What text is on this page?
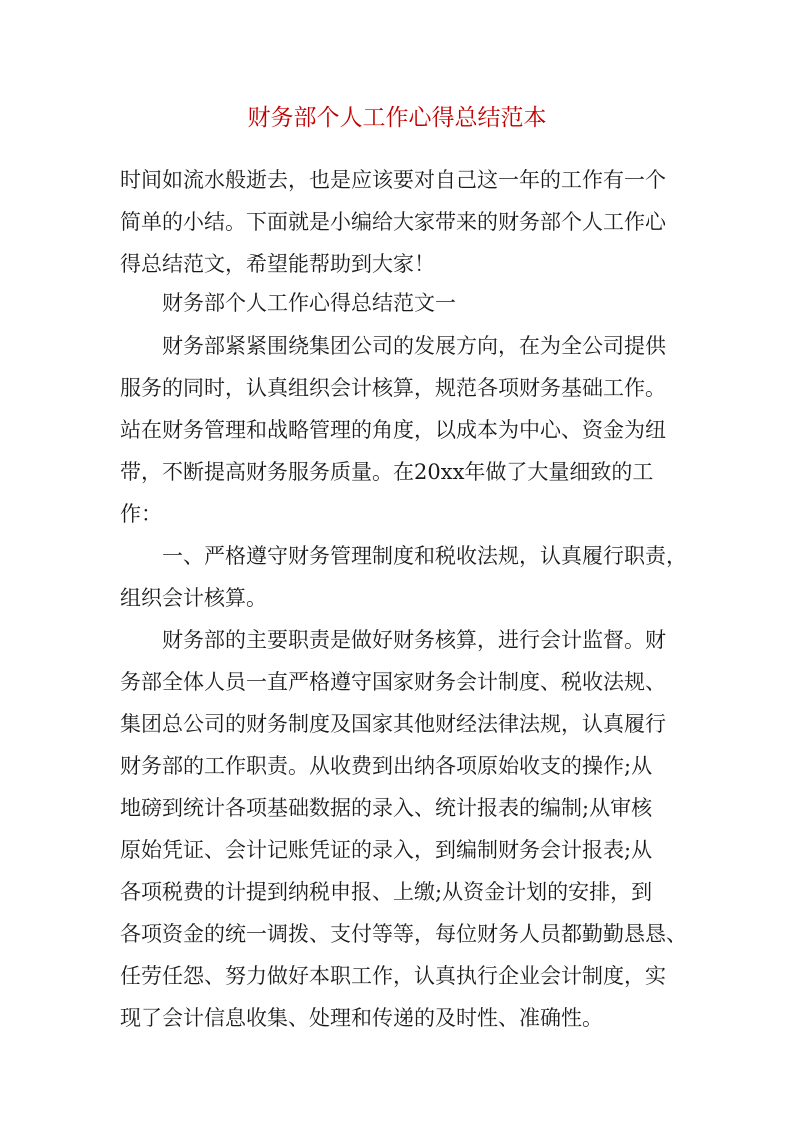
财务部个人工作心得总结范本
时间如流水般逝去，也是应该要对自己这一年的工作有一个
简单的小结。下面就是小编给大家带来的财务部个人工作心
得总结范文，希望能帮助到大家！
财务部个人工作心得总结范文一
财务部紧紧围绕集团公司的发展方向，在为全公司提供
服务的同时，认真组织会计核算，规范各项财务基础工作。
站在财务管理和战略管理的角度，以成本为中心、资金为纽
带，不断提高财务服务质量。在20xx年做了大量细致的工
作：
一、严格遵守财务管理制度和税收法规，认真履行职责，
组织会计核算。
财务部的主要职责是做好财务核算，进行会计监督。财
务部全体人员一直严格遵守国家财务会计制度、税收法规、
集团总公司的财务制度及国家其他财经法律法规，认真履行
财务部的工作职责。从收费到出纳各项原始收支的操作;从
地磅到统计各项基础数据的录入、统计报表的编制;从审核
原始凭证、会计记账凭证的录入，到编制财务会计报表;从
各项税费的计提到纳税申报、上缴;从资金计划的安排，到
各项资金的统一调拨、支付等等，每位财务人员都勤勤恳恳、
任劳任怨、努力做好本职工作，认真执行企业会计制度，实
现了会计信息收集、处理和传递的及时性、准确性。
